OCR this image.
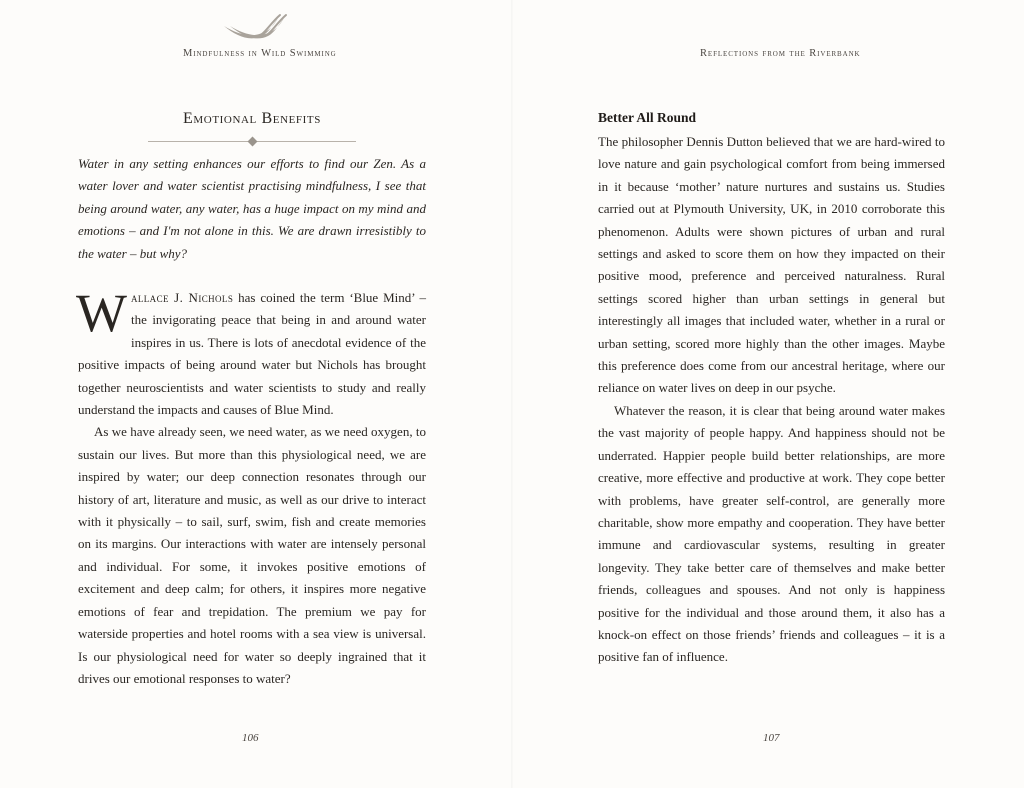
Mindfulness in Wild Swimming
Emotional Benefits
Water in any setting enhances our efforts to find our Zen. As a water lover and water scientist practising mindfulness, I see that being around water, any water, has a huge impact on my mind and emotions – and I'm not alone in this. We are drawn irresistibly to the water – but why?

Wallace J. Nichols has coined the term ‘Blue Mind’ – the invigorating peace that being in and around water inspires in us. There is lots of anecdotal evidence of the positive impacts of being around water but Nichols has brought together neuroscientists and water scientists to study and really understand the impacts and causes of Blue Mind.

As we have already seen, we need water, as we need oxygen, to sustain our lives. But more than this physiological need, we are inspired by water; our deep connection resonates through our history of art, literature and music, as well as our drive to interact with it physically – to sail, surf, swim, fish and create memories on its margins. Our interactions with water are intensely personal and individual. For some, it invokes positive emotions of excitement and deep calm; for others, it inspires more negative emotions of fear and trepidation. The premium we pay for waterside properties and hotel rooms with a sea view is universal. Is our physiological need for water so deeply ingrained that it drives our emotional responses to water?

106
Reflections from the Riverbank
Better All Round

The philosopher Dennis Dutton believed that we are hard-wired to love nature and gain psychological comfort from being immersed in it because ‘mother’ nature nurtures and sustains us. Studies carried out at Plymouth University, UK, in 2010 corroborate this phenomenon. Adults were shown pictures of urban and rural settings and asked to score them on how they impacted on their positive mood, preference and perceived naturalness. Rural settings scored higher than urban settings in general but interestingly all images that included water, whether in a rural or urban setting, scored more highly than the other images. Maybe this preference does come from our ancestral heritage, where our reliance on water lives on deep in our psyche.

Whatever the reason, it is clear that being around water makes the vast majority of people happy. And happiness should not be underrated. Happier people build better relationships, are more creative, more effective and productive at work. They cope better with problems, have greater self-control, are generally more charitable, show more empathy and cooperation. They have better immune and cardiovascular systems, resulting in greater longevity. They take better care of themselves and make better friends, colleagues and spouses. And not only is happiness positive for the individual and those around them, it also has a knock-on effect on those friends’ friends and colleagues – it is a positive fan of influence.

107
